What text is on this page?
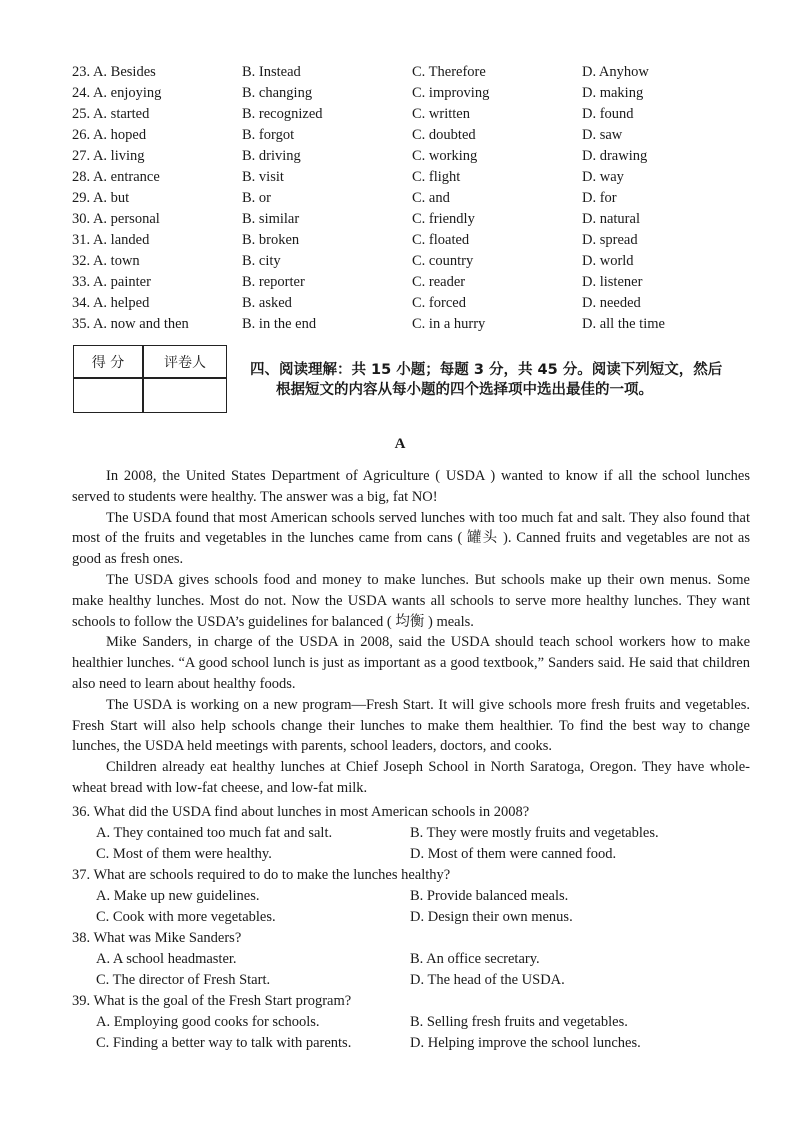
23. A. Besides	B. Instead	C. Therefore	D. Anyhow
24. A. enjoying	B. changing	C. improving	D. making
25. A. started	B. recognized	C. written	D. found
26. A. hoped	B. forgot	C. doubted	D. saw
27. A. living	B. driving	C. working	D. drawing
28. A. entrance	B. visit	C. flight	D. way
29. A. but	B. or	C. and	D. for
30. A. personal	B. similar	C. friendly	D. natural
31. A. landed	B. broken	C. floated	D. spread
32. A. town	B. city	C. country	D. world
33. A. painter	B. reporter	C. reader	D. listener
34. A. helped	B. asked	C. forced	D. needed
35. A. now and then	B. in the end	C. in a hurry	D. all the time
得 分	评卷人	四、阅读理解：共 15 小题；每题 3 分，共 45 分。阅读下列短文，然后
根据短文的内容从每小题的四个选择项中选出最佳的一项。
A

In 2008, the United States Department of Agriculture ( USDA ) wanted to know if all the school lunches served to students were healthy. The answer was a big, fat NO!

The USDA found that most American schools served lunches with too much fat and salt. They also found that most of the fruits and vegetables in the lunches came from cans ( 罐头 ). Canned fruits and vegetables are not as good as fresh ones.

The USDA gives schools food and money to make lunches. But schools make up their own menus. Some make healthy lunches. Most do not. Now the USDA wants all schools to serve more healthy lunches. They want schools to follow the USDA’s guidelines for balanced ( 均衡 ) meals.

Mike Sanders, in charge of the USDA in 2008, said the USDA should teach school workers how to make healthier lunches. “A good school lunch is just as important as a good textbook,” Sanders said. He said that children also need to learn about healthy foods.

The USDA is working on a new program—Fresh Start. It will give schools more fresh fruits and vegetables. Fresh Start will also help schools change their lunches to make them healthier. To find the best way to change lunches, the USDA held meetings with parents, school leaders, doctors, and cooks.

Children already eat healthy lunches at Chief Joseph School in North Saratoga, Oregon. They have whole-wheat bread with low-fat cheese, and low-fat milk.

36. What did the USDA find about lunches in most American schools in 2008?
A. They contained too much fat and salt.	B. They were mostly fruits and vegetables.
C. Most of them were healthy.	D. Most of them were canned food.
37. What are schools required to do to make the lunches healthy?
A. Make up new guidelines.	B. Provide balanced meals.
C. Cook with more vegetables.	D. Design their own menus.
38. What was Mike Sanders?
A. A school headmaster.	B. An office secretary.
C. The director of Fresh Start.	D. The head of the USDA.
39. What is the goal of the Fresh Start program?
A. Employing good cooks for schools.	B. Selling fresh fruits and vegetables.
C. Finding a better way to talk with parents.	D. Helping improve the school lunches.
